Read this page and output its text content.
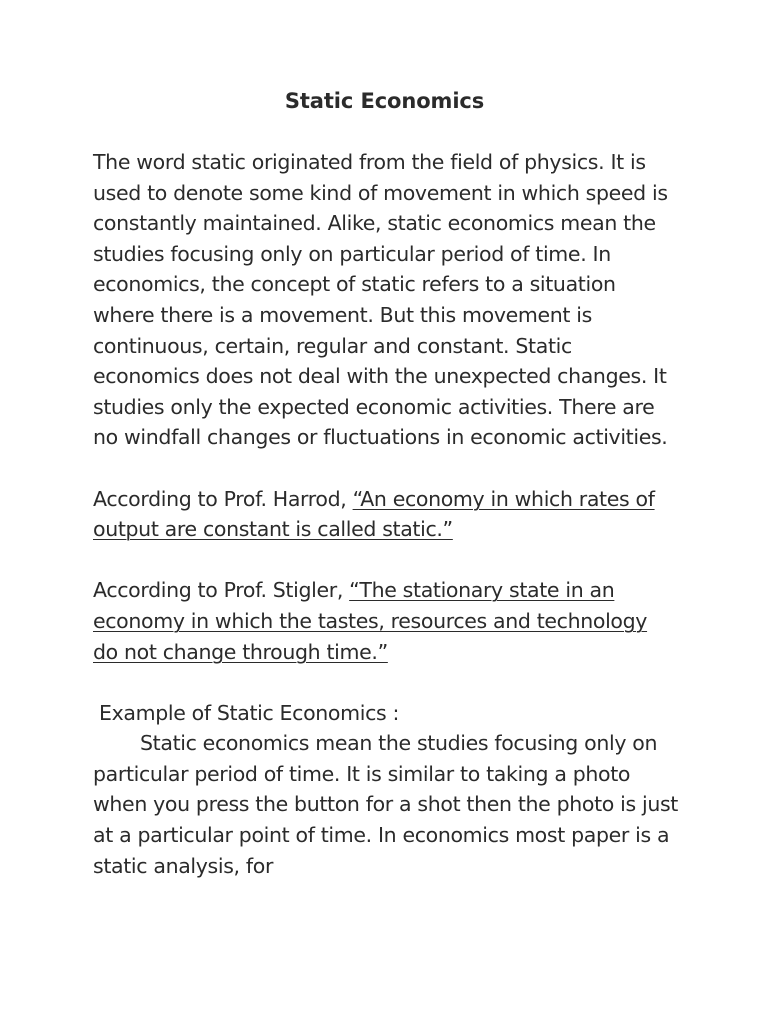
Static Economics

The word static originated from the field of physics. It is used to denote some kind of movement in which speed is constantly maintained. Alike, static economics mean the studies focusing only on particular period of time. In economics, the concept of static refers to a situation where there is a movement. But this movement is continuous, certain, regular and constant. Static economics does not deal with the unexpected changes. It studies only the expected economic activities. There are no windfall changes or fluctuations in economic activities.

According to Prof. Harrod, “An economy in which rates of output are constant is called static.”

According to Prof. Stigler, “The stationary state in an economy in which the tastes, resources and technology do not change through time.”

Example of Static Economics :

Static economics mean the studies focusing only on particular period of time. It is similar to taking a photo when you press the button for a shot then the photo is just at a particular point of time. In economics most paper is a static analysis, for
